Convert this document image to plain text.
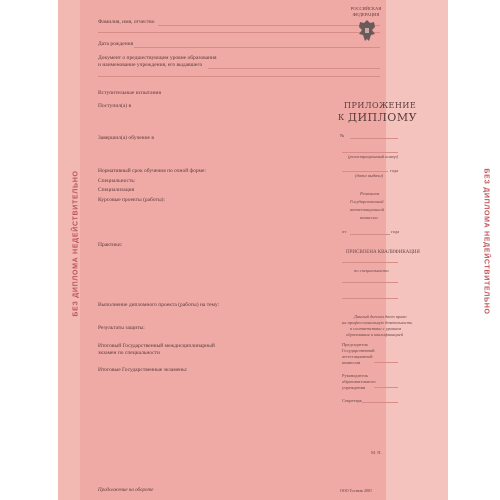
БЕЗ ДИПЛОМА НЕДЕЙСТВИТЕЛЬНО	БЕЗ ДИПЛОМА НЕДЕЙСТВИТЕЛЬНО
Фамилия, имя, отчество
Дата рождения
Документ о предшествующем уровне образования
и наименование учреждения, его выдавшего
Вступительные испытания
Поступил(а) в
Завершил(а) обучение в
Нормативный срок обучения по очной форме:
Специальность:
Специализация
Курсовые проекты (работы):
Практики:
Выполнение дипломного проекта (работы) на тему:
Результаты защиты:
Итоговый Государственный междисциплинарный
экзамен по специальности
Итоговые Государственные экзамены:
Продолжение на обороте	ООО Госзнак 2001
РОССИЙСКАЯ
ФЕДЕРАЦИЯ
ПРИЛОЖЕНИЕ
К ДИПЛОМУ
№
(регистрационный номер)
года
(дата выдачи)
Решением
Государственной
аттестационной
комиссии
от	года
ПРИСВОЕНА КВАЛИФИКАЦИЯ
по специальности
Данный диплом дает право
на профессиональную деятельность
в соответствии с уровнем
образования и квалификацией
Председатель
Государственной
аттестационной
комиссии
Руководитель
образовательного
учреждения
Секретарь
М. П.
